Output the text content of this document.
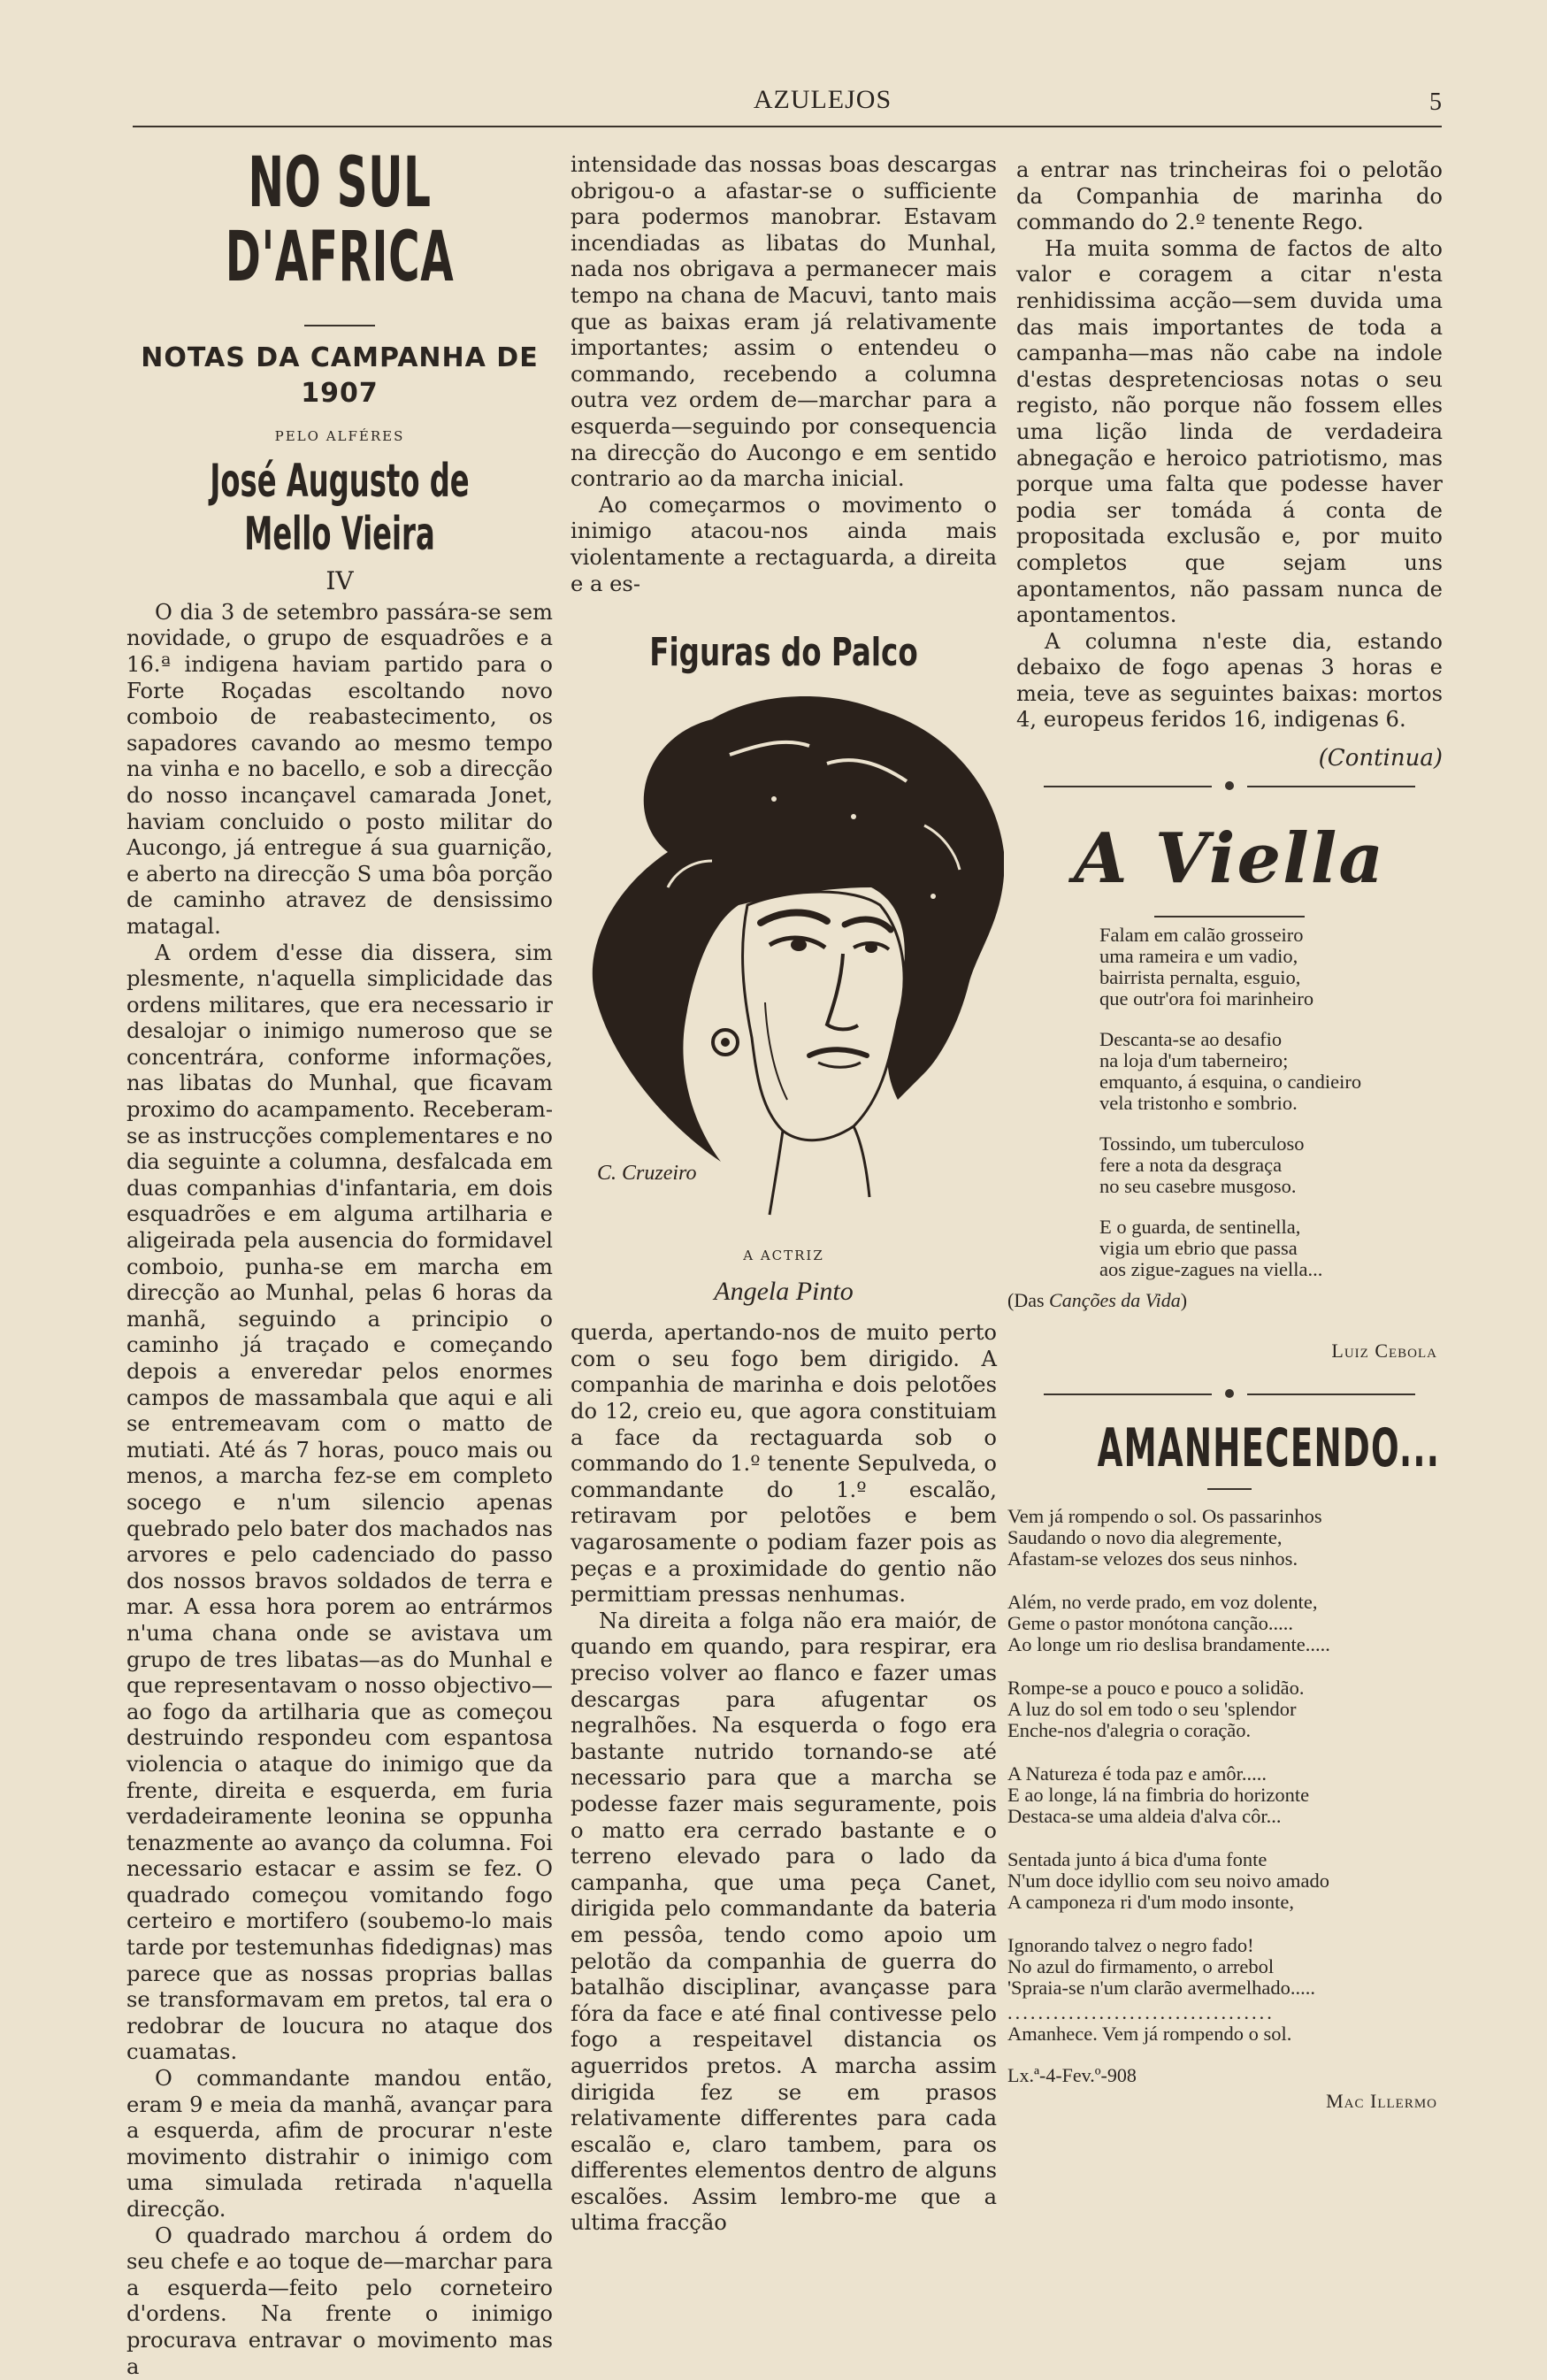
AZULEJOS	5
NO SUL D'AFRICA
NOTAS DA CAMPANHA DE 1907
PELO ALFÉRES
José Augusto de Mello Vieira
IV

O dia 3 de setembro passára-se sem novidade, o grupo de esquadrões e a 16.ª indigena haviam partido para o Forte Roçadas escoltando novo comboio de reabastecimento, os sapadores cavando ao mesmo tempo na vinha e no bacello, e sob a direcção do nosso incançavel camarada Jonet, haviam concluido o posto militar do Aucongo, já entregue á sua guarnição, e aberto na direcção S uma bôa porção de caminho atravez de densissimo matagal.

A ordem d'esse dia dissera, sim plesmente, n'aquella simplicidade das ordens militares, que era necessario ir desalojar o inimigo numeroso que se concentrára, conforme informações, nas libatas do Munhal, que ficavam proximo do acampamento. Receberam-se as instrucções complementares e no dia seguinte a columna, desfalcada em duas companhias d'infantaria, em dois esquadrões e em alguma artilharia e aligeirada pela ausencia do formidavel comboio, punha-se em marcha em direcção ao Munhal, pelas 6 horas da manhã, seguindo a principio o caminho já traçado e começando depois a enveredar pelos enormes campos de massambala que aqui e ali se entremeavam com o matto de mutiati. Até ás 7 horas, pouco mais ou menos, a marcha fez-se em completo socego e n'um silencio apenas quebrado pelo bater dos machados nas arvores e pelo cadenciado do passo dos nossos bravos soldados de terra e mar. A essa hora porem ao entrármos n'uma chana onde se avistava um grupo de tres libatas—as do Munhal e que representavam o nosso objectivo—ao fogo da artilharia que as começou destruindo respondeu com espantosa violencia o ataque do inimigo que da frente, direita e esquerda, em furia verdadeiramente leonina se oppunha tenazmente ao avanço da columna. Foi necessario estacar e assim se fez. O quadrado começou vomitando fogo certeiro e mortifero (soubemo-lo mais tarde por testemunhas fidedignas) mas parece que as nossas proprias ballas se transformavam em pretos, tal era o redobrar de loucura no ataque dos cuamatas.

O commandante mandou então, eram 9 e meia da manhã, avançar para a esquerda, afim de procurar n'este movimento distrahir o inimigo com uma simulada retirada n'aquella direcção.

O quadrado marchou á ordem do seu chefe e ao toque de—marchar para a esquerda—feito pelo corneteiro d'ordens. Na frente o inimigo procurava entravar o movimento mas a

intensidade das nossas boas descargas obrigou-o a afastar-se o sufficiente para podermos manobrar. Estavam incendiadas as libatas do Munhal, nada nos obrigava a permanecer mais tempo na chana de Macuvi, tanto mais que as baixas eram já relativamente importantes; assim o entendeu o commando, recebendo a columna outra vez ordem de—marchar para a esquerda—seguindo por consequencia na direcção do Aucongo e em sentido contrario ao da marcha inicial.

Ao começarmos o movimento o inimigo atacou-nos ainda mais violentamente a rectaguarda, a direita e a es-

Figuras do Palco
C. Cruzeiro
A ACTRIZ
Angela Pinto

querda, apertando-nos de muito perto com o seu fogo bem dirigido. A companhia de marinha e dois pelotões do 12, creio eu, que agora constituiam a face da rectaguarda sob o commando do 1.º tenente Sepulveda, o commandante do 1.º escalão, retiravam por pelotões e bem vagarosamente o podiam fazer pois as peças e a proximidade do gentio não permittiam pressas nenhumas.

Na direita a folga não era maiór, de quando em quando, para respirar, era preciso volver ao flanco e fazer umas descargas para afugentar os negralhões. Na esquerda o fogo era bastante nutrido tornando-se até necessario para que a marcha se podesse fazer mais seguramente, pois o matto era cerrado bastante e o terreno elevado para o lado da campanha, que uma peça Canet, dirigida pelo commandante da bateria em pessôa, tendo como apoio um pelotão da companhia de guerra do batalhão disciplinar, avançasse para fóra da face e até final contivesse pelo fogo a respeitavel distancia os aguerridos pretos. A marcha assim dirigida fez se em prasos relativamente differentes para cada escalão e, claro tambem, para os differentes elementos dentro de alguns escalões. Assim lembro-me que a ultima fracção

a entrar nas trincheiras foi o pelotão da Companhia de marinha do commando do 2.º tenente Rego.

Ha muita somma de factos de alto valor e coragem a citar n'esta renhidissima acção—sem duvida uma das mais importantes de toda a campanha—mas não cabe na indole d'estas despretenciosas notas o seu registo, não porque não fossem elles uma lição linda de verdadeira abnegação e heroico patriotismo, mas porque uma falta que podesse haver podia ser tomáda á conta de propositada exclusão e, por muito completos que sejam uns apontamentos, não passam nunca de apontamentos.

A columna n'este dia, estando debaixo de fogo apenas 3 horas e meia, teve as seguintes baixas: mortos 4, europeus feridos 16, indigenas 6.

(Continua)
A Viella
Falam em calão grosseiro
uma rameira e um vadio,
bairrista pernalta, esguio,
que outr'ora foi marinheiro
Descanta-se ao desafio
na loja d'um taberneiro;
emquanto, á esquina, o candieiro
vela tristonho e sombrio.
Tossindo, um tuberculoso
fere a nota da desgraça
no seu casebre musgoso.
E o guarda, de sentinella,
vigia um ebrio que passa
aos zigue-zagues na viella...
(Das Canções da Vida)
Luiz Cebola
AMANHECENDO...
Vem já rompendo o sol. Os passarinhos
Saudando o novo dia alegremente,
Afastam-se velozes dos seus ninhos.
Além, no verde prado, em voz dolente,
Geme o pastor monótona canção.....
Ao longe um rio deslisa brandamente.....
Rompe-se a pouco e pouco a solidão.
A luz do sol em todo o seu 'splendor
Enche-nos d'alegria o coração.
A Natureza é toda paz e amôr.....
E ao longe, lá na fimbria do horizonte
Destaca-se uma aldeia d'alva côr...
Sentada junto á bica d'uma fonte
N'um doce idyllio com seu noivo amado
A camponeza ri d'um modo insonte,
Ignorando talvez o negro fado!
No azul do firmamento, o arrebol
'Spraia-se n'um clarão avermelhado.....
...................................
Amanhece. Vem já rompendo o sol.
Lx.ª-4-Fev.º-908
Mac Illermo
